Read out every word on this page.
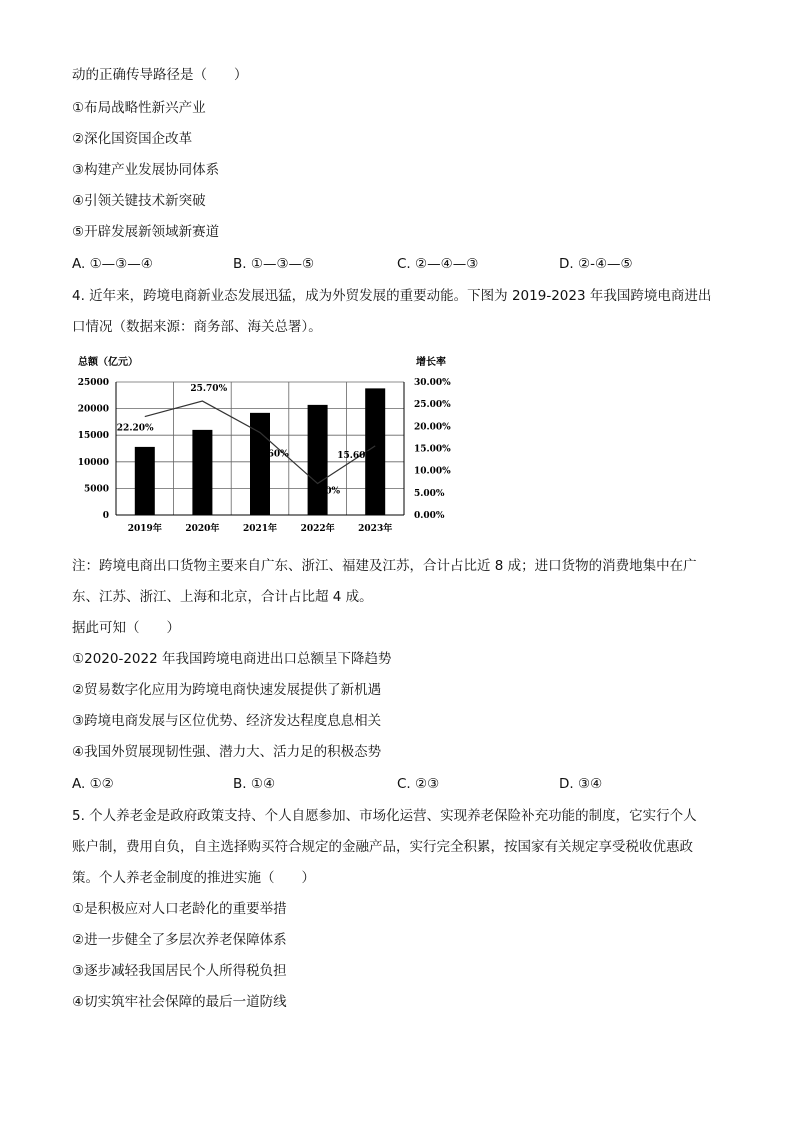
动的正确传导路径是（　　）
①布局战略性新兴产业
②深化国资国企改革
③构建产业发展协同体系
④引领关键技术新突破
⑤开辟发展新领域新赛道
A. ①—③—④	B. ①—③—⑤	C. ②—④—③	D. ②-④—⑤
4. 近年来，跨境电商新业态发展迅猛，成为外贸发展的重要动能。下图为 2019-2023 年我国跨境电商进出
口情况（数据来源：商务部、海关总署）。
总额（亿元）	增长率
22.20%
25.70%
18.60%
7.10%
15.60%
0
5000
10000
15000
20000
25000
0.00%
5.00%
10.00%
15.00%
20.00%
25.00%
30.00%
2019年	2020年	2021年	2022年	2023年
注：跨境电商出口货物主要来自广东、浙江、福建及江苏，合计占比近 8 成；进口货物的消费地集中在广
东、江苏、浙江、上海和北京，合计占比超 4 成。
据此可知（　　）
①2020-2022 年我国跨境电商进出口总额呈下降趋势
②贸易数字化应用为跨境电商快速发展提供了新机遇
③跨境电商发展与区位优势、经济发达程度息息相关
④我国外贸展现韧性强、潜力大、活力足的积极态势
A. ①②	B. ①④	C. ②③	D. ③④
5. 个人养老金是政府政策支持、个人自愿参加、市场化运营、实现养老保险补充功能的制度，它实行个人
账户制，费用自负，自主选择购买符合规定的金融产品，实行完全积累，按国家有关规定享受税收优惠政
策。个人养老金制度的推进实施（　　）
①是积极应对人口老龄化的重要举措
②进一步健全了多层次养老保障体系
③逐步减轻我国居民个人所得税负担
④切实筑牢社会保障的最后一道防线
